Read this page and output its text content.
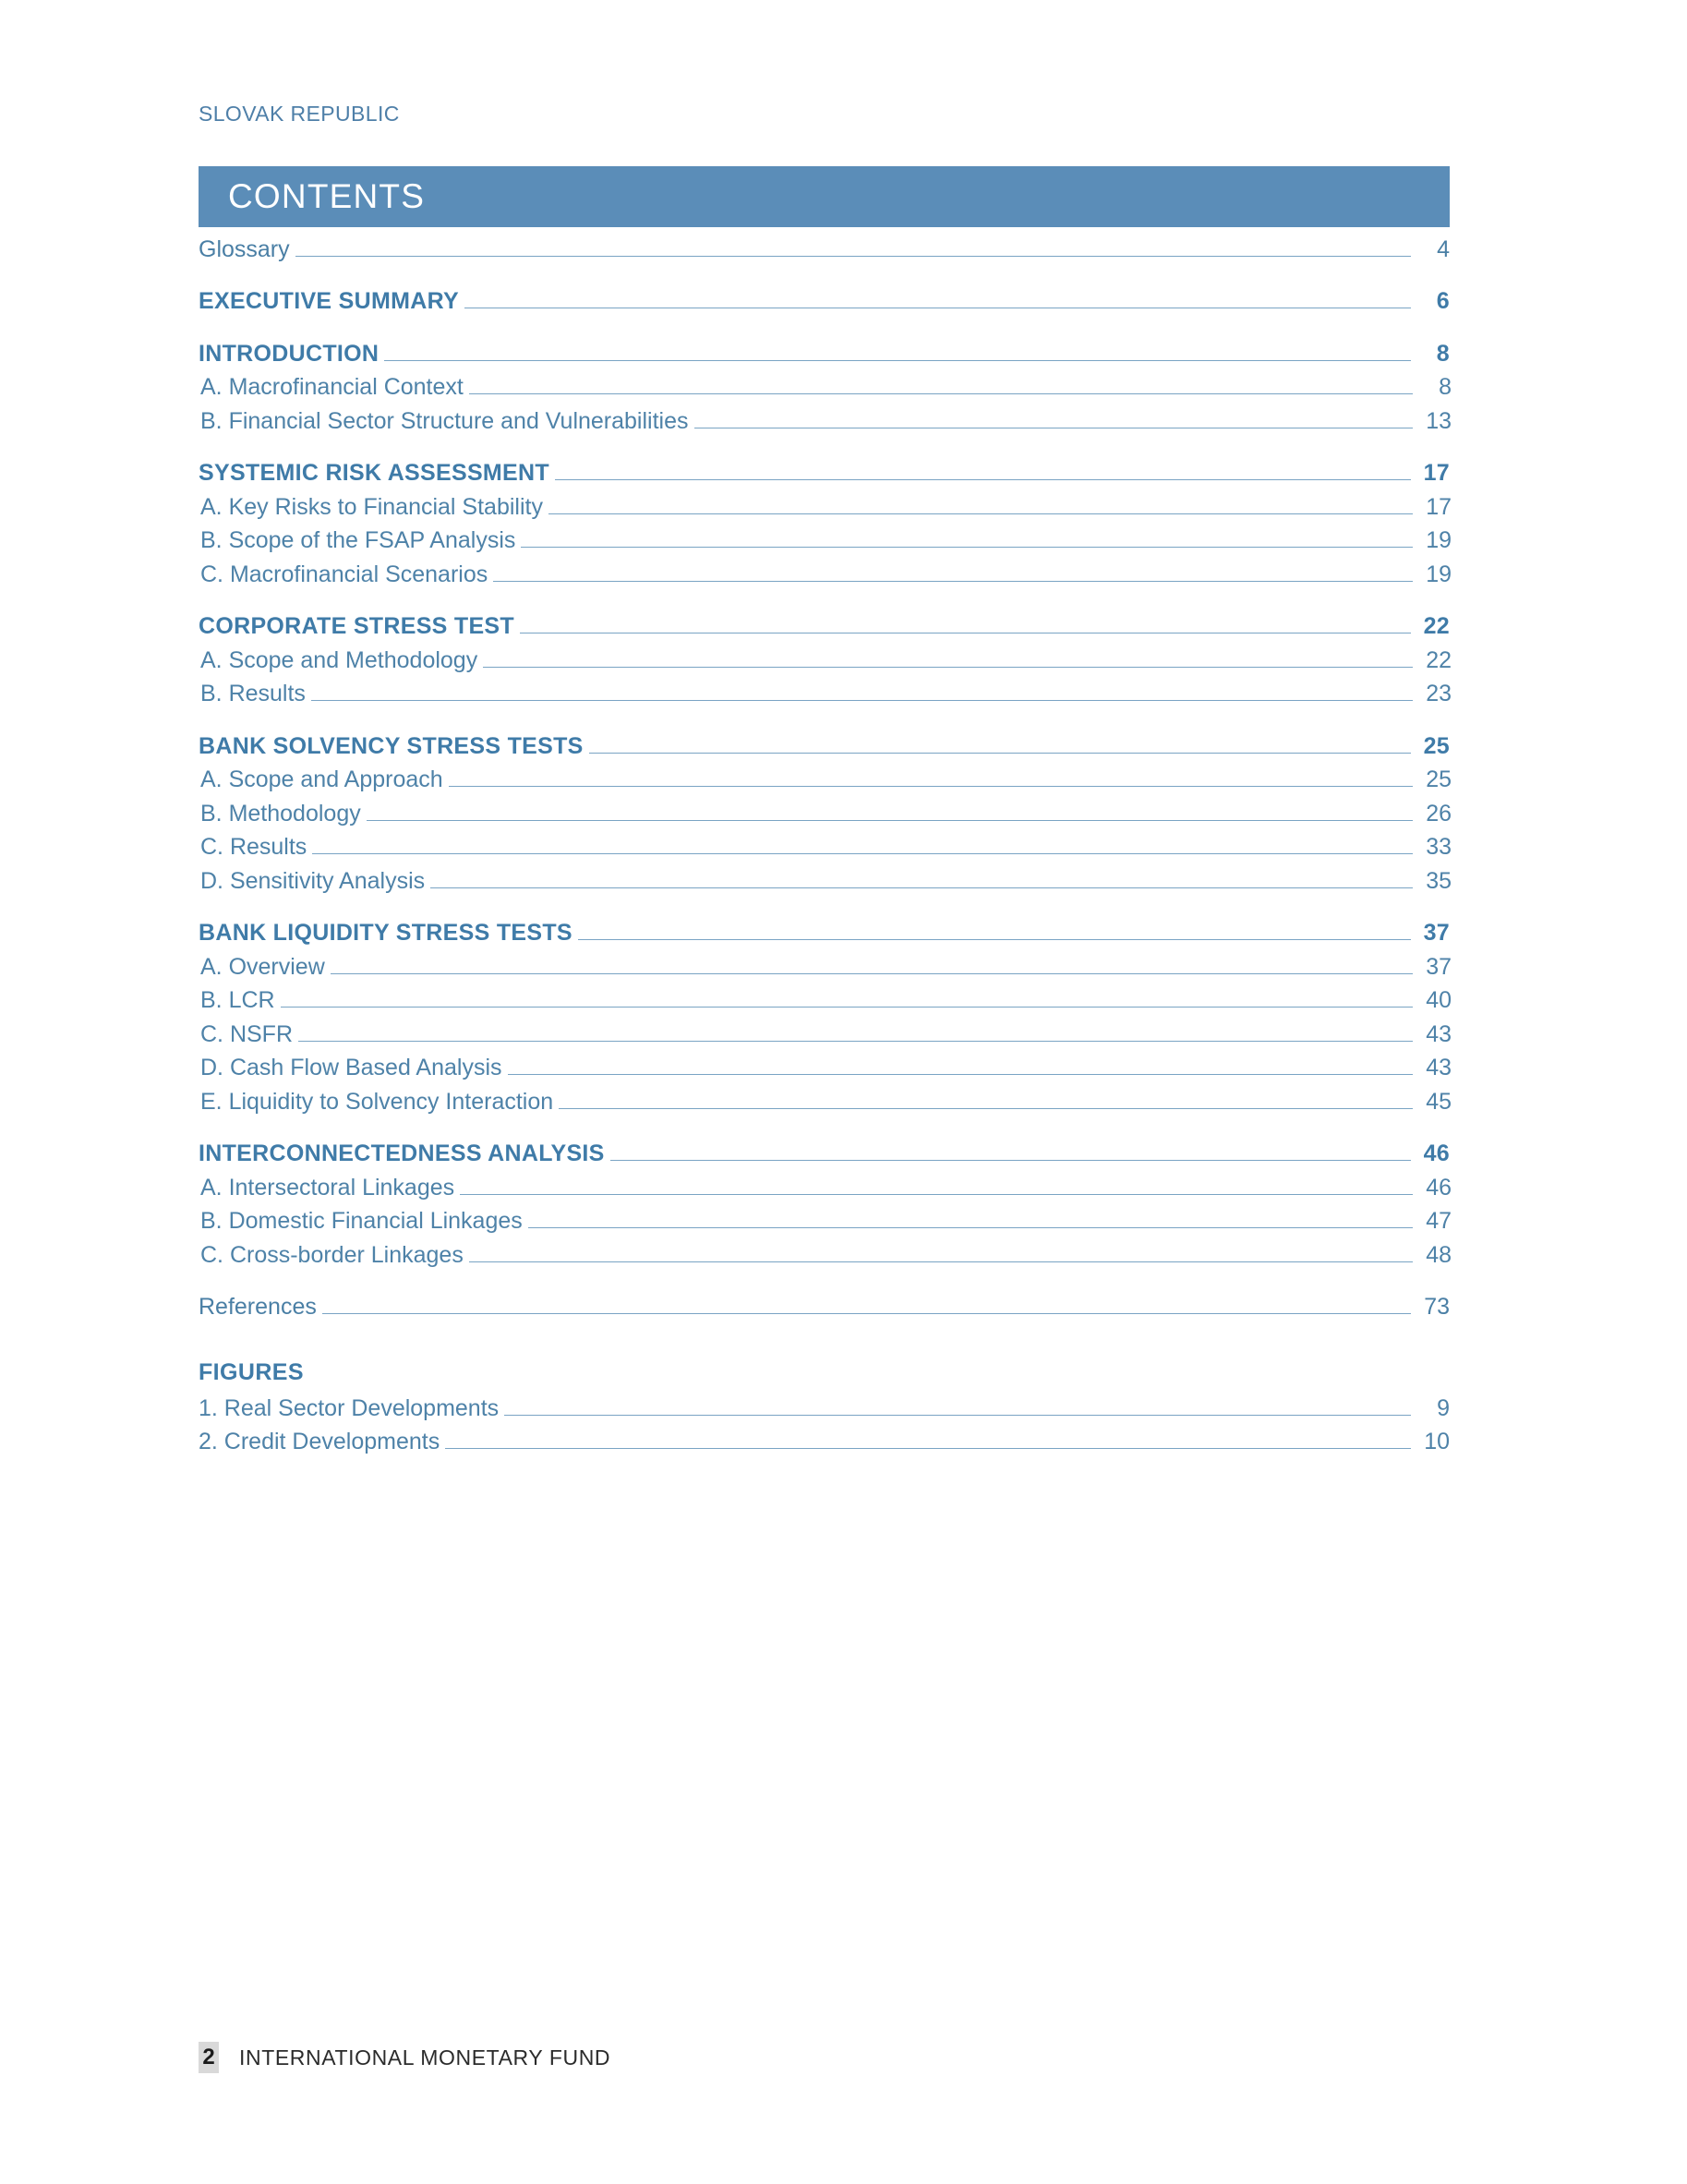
SLOVAK REPUBLIC
CONTENTS
Glossary	4
EXECUTIVE SUMMARY	6
INTRODUCTION	8
A. Macrofinancial Context	8
B. Financial Sector Structure and Vulnerabilities	13
SYSTEMIC RISK ASSESSMENT	17
A. Key Risks to Financial Stability	17
B. Scope of the FSAP Analysis	19
C. Macrofinancial Scenarios	19
CORPORATE STRESS TEST	22
A. Scope and Methodology	22
B. Results	23
BANK SOLVENCY STRESS TESTS	25
A. Scope and Approach	25
B. Methodology	26
C. Results	33
D. Sensitivity Analysis	35
BANK LIQUIDITY STRESS TESTS	37
A. Overview	37
B. LCR	40
C. NSFR	43
D. Cash Flow Based Analysis	43
E. Liquidity to Solvency Interaction	45
INTERCONNECTEDNESS ANALYSIS	46
A. Intersectoral Linkages	46
B. Domestic Financial Linkages	47
C. Cross-border Linkages	48
References	73
FIGURES
1. Real Sector Developments	9
2. Credit Developments	10
2 INTERNATIONAL MONETARY FUND
